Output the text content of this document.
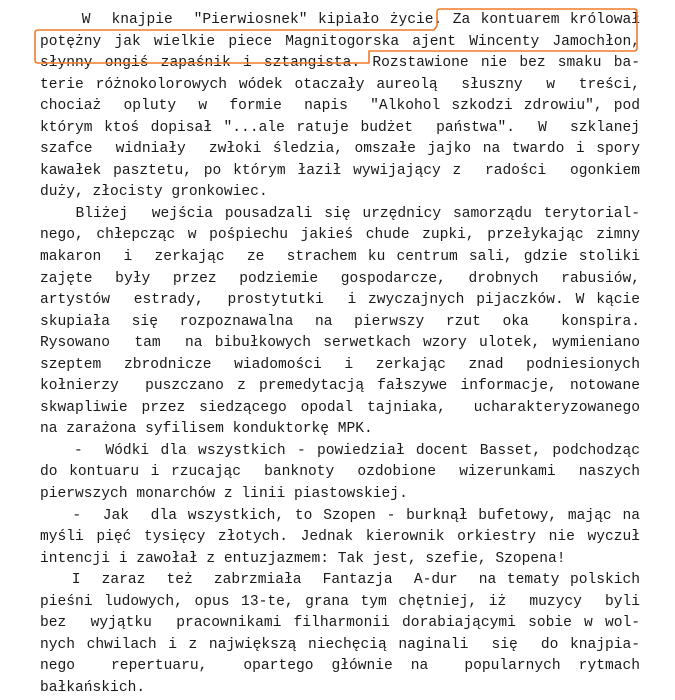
W  knajpie  "Pierwiosnek" kipiało życie. Za kontuarem królował
potężny jak wielkie piece Magnitogorska ajent Wincenty Jamochłon,
słynny ongiś zapaśnik i sztangista. Rozstawione nie bez smaku ba-
terie różnokolorowych wódek otaczały aureolą  słuszny  w  treści,
chociaż  opluty  w  formie  napis  "Alkohol szkodzi zdrowiu", pod
którym ktoś dopisał "...ale ratuje budżet  państwa".  W  szklanej
szafce  widniały  zwłoki śledzia, omszałe jajko na twardo i spory
kawałek pasztetu, po którym łaził wywijający z  radości  ogonkiem
duży, złocisty gronkowiec.
Bliżej  wejścia pousadzali się urzędnicy samorządu terytorial-
nego, chłepcząc w pośpiechu jakieś chude zupki, przełykając zimny
makaron  i  zerkając  ze  strachem ku centrum sali, gdzie stoliki
zajęte  były  przez  podziemie  gospodarcze,  drobnych  rabusiów,
artystów  estrady,  prostytutki  i zwyczajnych pijaczków. W kącie
skupiała  się  rozpoznawalna  na  pierwszy  rzut  oka   konspira.
Rysowano  tam  na bibułkowych serwetkach wzory ulotek, wymieniano
szeptem  zbrodnicze  wiadomości  i  zerkając  znad  podniesionych
kołnierzy  puszczano z premedytacją fałszywe informacje, notowane
skwapliwie przez siedzącego opodal tajniaka,  ucharakteryzowanego
na zarażona syfilisem konduktorkę MPK.
-  Wódki dla wszystkich - powiedział docent Basset, podchodząc
do kontuaru i rzucając  banknoty  ozdobione  wizerunkami  naszych
pierwszych monarchów z linii piastowskiej.
-  Jak  dla wszystkich, to Szopen - burknął bufetowy, mając na
myśli pięć tysięcy złotych. Jednak kierownik orkiestry nie wyczuł
intencji i zawołał z entuzjazmem: Tak jest, szefie, Szopena!
I  zaraz  też  zabrzmiała  Fantazja  A-dur  na tematy polskich
pieśni ludowych, opus 13-te, grana tym chętniej, iż  muzycy  byli
bez  wyjątku  pracownikami filharmonii dorabiającymi sobie w wol-
nych chwilach i z największą niechęcią naginali  się  do knajpia-
nego    repertuaru,    opartego  głównie  na    popularnych  rytmach
bałkańskich.
